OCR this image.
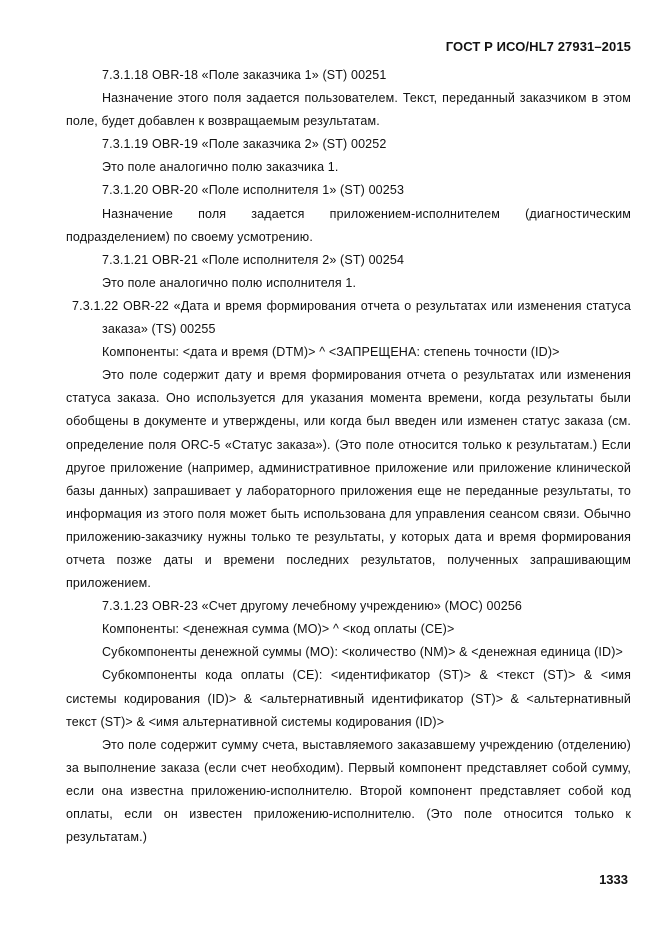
ГОСТ Р ИСО/HL7 27931–2015

7.3.1.18 OBR-18 «Поле заказчика 1» (ST) 00251

Назначение этого поля задается пользователем. Текст, переданный заказчиком в этом поле, будет добавлен к возвращаемым результатам.

7.3.1.19 OBR-19 «Поле заказчика 2» (ST) 00252

Это поле аналогично полю заказчика 1.

7.3.1.20 OBR-20 «Поле исполнителя 1» (ST) 00253

Назначение поля задается приложением-исполнителем (диагностическим подразделением) по своему усмотрению.

7.3.1.21 OBR-21 «Поле исполнителя 2» (ST) 00254

Это поле аналогично полю исполнителя 1.

7.3.1.22 OBR-22 «Дата и время формирования отчета о результатах или изменения статуса заказа» (TS) 00255

Компоненты: <дата и время (DTM)> ^ <ЗАПРЕЩЕНА: степень точности (ID)>

Это поле содержит дату и время формирования отчета о результатах или изменения статуса заказа. Оно используется для указания момента времени, когда результаты были обобщены в документе и утверждены, или когда был введен или изменен статус заказа (см. определение поля ORC-5 «Статус заказа»). (Это поле относится только к результатам.) Если другое приложение (например, административное приложение или приложение клинической базы данных) запрашивает у лабораторного приложения еще не переданные результаты, то информация из этого поля может быть использована для управления сеансом связи. Обычно приложению-заказчику нужны только те результаты, у которых дата и время формирования отчета позже даты и времени последних результатов, полученных запрашивающим приложением.

7.3.1.23 OBR-23 «Счет другому лечебному учреждению» (MOC) 00256

Компоненты: <денежная сумма (MO)> ^ <код оплаты (CE)>

Субкомпоненты денежной суммы (MO): <количество (NM)> & <денежная единица (ID)>

Субкомпоненты кода оплаты (CE): <идентификатор (ST)> & <текст (ST)> & <имя системы кодирования (ID)> & <альтернативный идентификатор (ST)> & <альтернативный текст (ST)> & <имя альтернативной системы кодирования (ID)>

Это поле содержит сумму счета, выставляемого заказавшему учреждению (отделению) за выполнение заказа (если счет необходим). Первый компонент представляет собой сумму, если она известна приложению-исполнителю. Второй компонент представляет собой код оплаты, если он известен приложению-исполнителю. (Это поле относится только к результатам.)

1333
